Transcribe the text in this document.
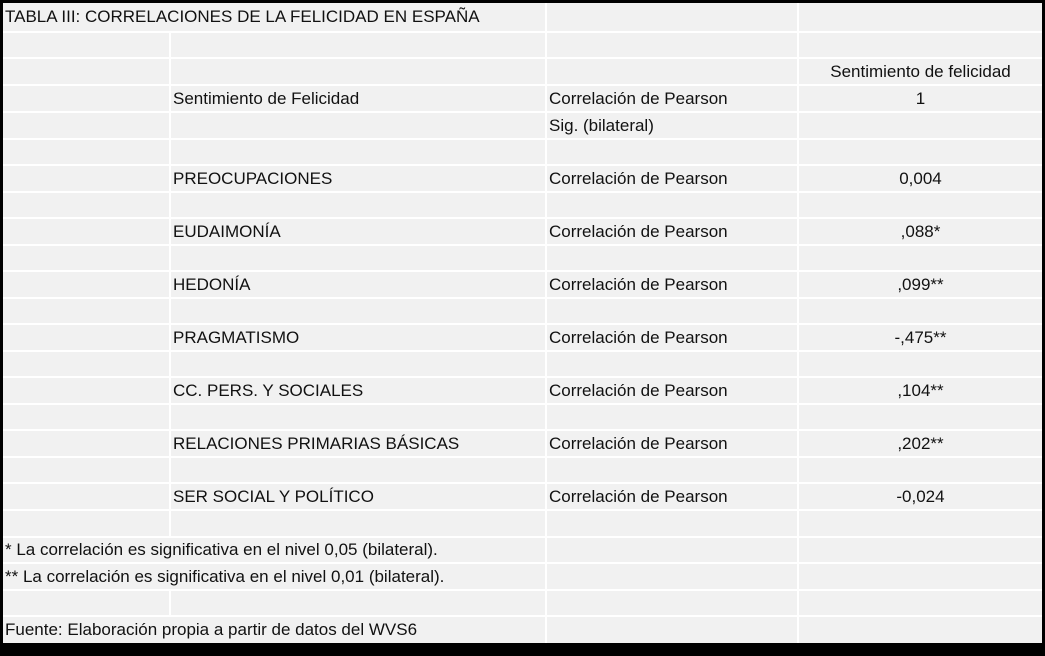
TABLA III: CORRELACIONES DE LA FELICIDAD EN ESPAÑA
Sentimiento de felicidad
Sentimiento de Felicidad	Correlación de Pearson	1
Sig. (bilateral)
PREOCUPACIONES	Correlación de Pearson	0,004
EUDAIMONÍA	Correlación de Pearson	,088*
HEDONÍA	Correlación de Pearson	,099**
PRAGMATISMO	Correlación de Pearson	-,475**
CC. PERS. Y SOCIALES	Correlación de Pearson	,104**
RELACIONES PRIMARIAS BÁSICAS	Correlación de Pearson	,202**
SER SOCIAL Y POLÍTICO	Correlación de Pearson	-0,024
* La correlación es significativa en el nivel 0,05 (bilateral).
** La correlación es significativa en el nivel 0,01 (bilateral).
Fuente: Elaboración propia a partir de datos del WVS6
